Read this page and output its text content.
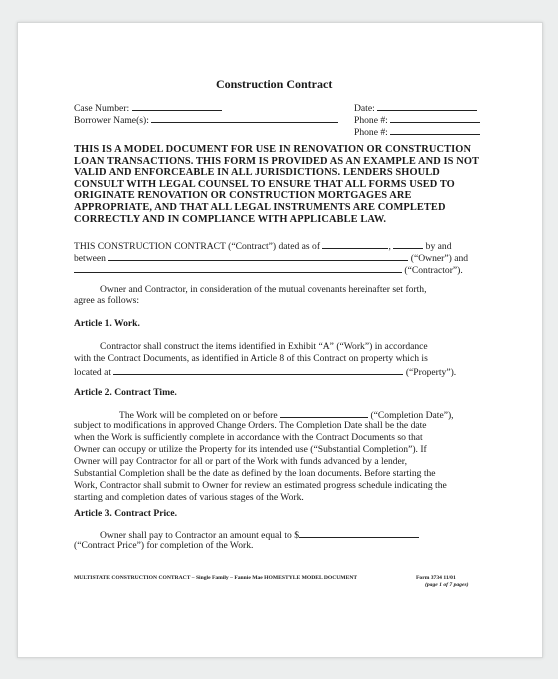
Construction Contract
Case Number:
Borrower Name(s):
Date:
Phone #:
Phone #:
THIS IS A MODEL DOCUMENT FOR USE IN RENOVATION OR CONSTRUCTION
LOAN TRANSACTIONS. THIS FORM IS PROVIDED AS AN EXAMPLE AND IS NOT
VALID AND ENFORCEABLE IN ALL JURISDICTIONS. LENDERS SHOULD
CONSULT WITH LEGAL COUNSEL TO ENSURE THAT ALL FORMS USED TO
ORIGINATE RENOVATION OR CONSTRUCTION MORTGAGES ARE
APPROPRIATE, AND THAT ALL LEGAL INSTRUMENTS ARE COMPLETED
CORRECTLY AND IN COMPLIANCE WITH APPLICABLE LAW.
THIS CONSTRUCTION CONTRACT (“Contract”) dated as of	,	by and
between	(“Owner”) and
(“Contractor”).
Owner and Contractor, in consideration of the mutual covenants hereinafter set forth,
agree as follows:
Article 1. Work.
Contractor shall construct the items identified in Exhibit “A” (“Work”) in accordance
with the Contract Documents, as identified in Article 8 of this Contract on property which is
located at	(“Property”).
Article 2. Contract Time.
The Work will be completed on or before	(“Completion Date”),
subject to modifications in approved Change Orders. The Completion Date shall be the date
when the Work is sufficiently complete in accordance with the Contract Documents so that
Owner can occupy or utilize the Property for its intended use (“Substantial Completion”). If
Owner will pay Contractor for all or part of the Work with funds advanced by a lender,
Substantial Completion shall be the date as defined by the loan documents. Before starting the
Work, Contractor shall submit to Owner for review an estimated progress schedule indicating the
starting and completion dates of various stages of the Work.
Article 3. Contract Price.
Owner shall pay to Contractor an amount equal to $
(“Contract Price”) for completion of the Work.
MULTISTATE CONSTRUCTION CONTRACT – Single Family – Fannie Mae HOMESTYLE MODEL DOCUMENT	Form 3734 11/01
(page 1 of 7 pages)
